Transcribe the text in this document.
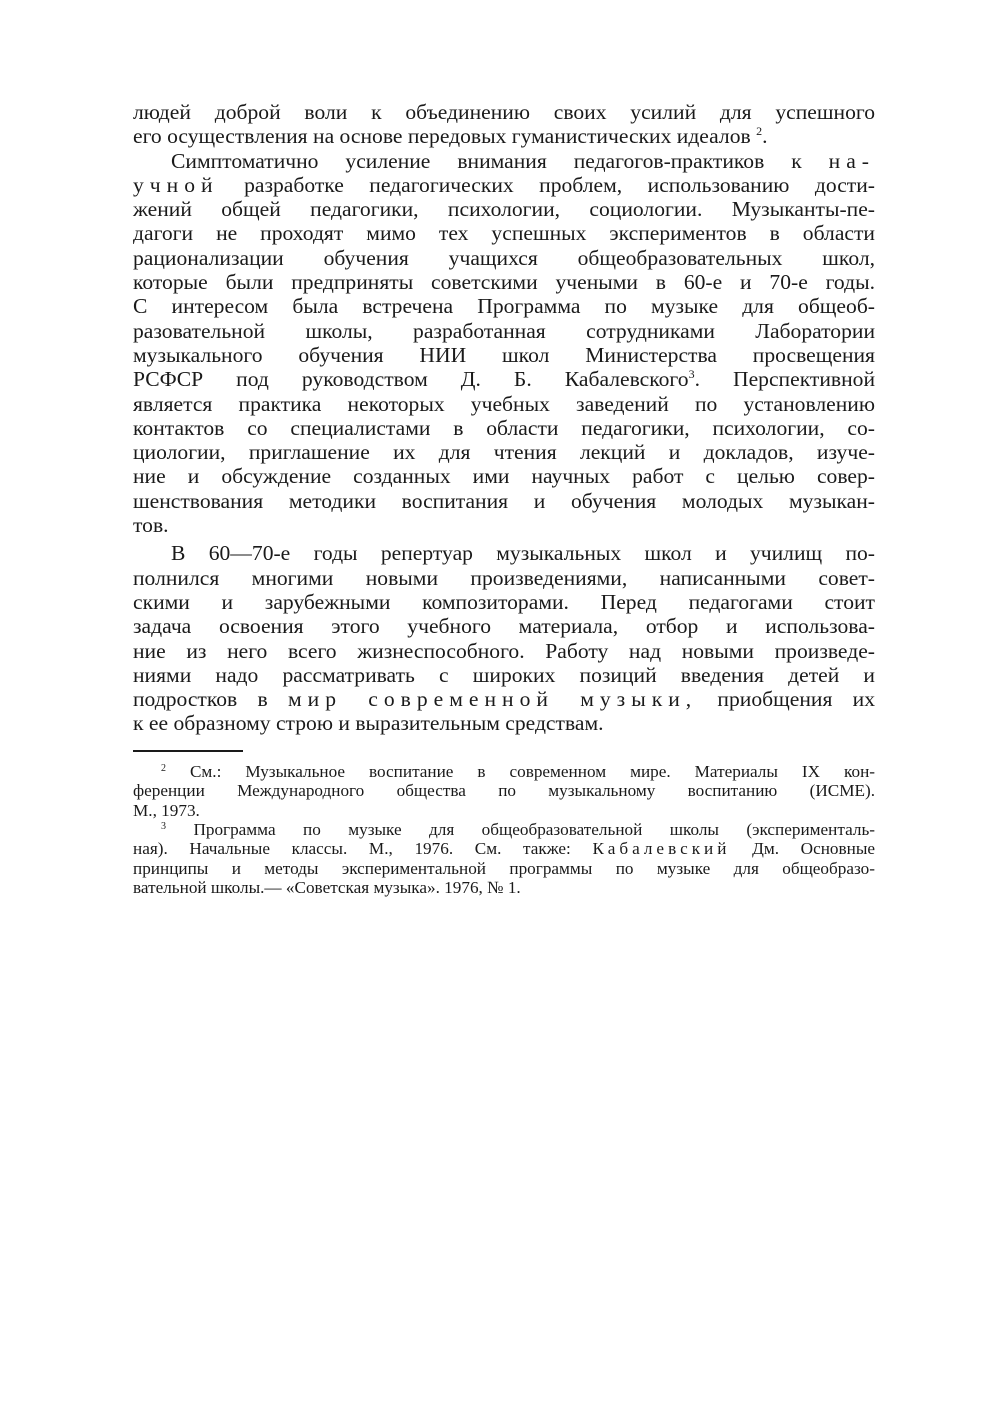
людей доброй воли к объединению своих усилий для успешного
его осуществления на основе передовых гуманистических идеалов $^2$.
Симптоматично усиление внимания педагогов-практиков к на-
учной разработке педагогических проблем, использованию дости-
жений общей педагогики, психологии, социологии. Музыканты-пе-
дагоги не проходят мимо тех успешных экспериментов в области
рационализации обучения учащихся общеобразовательных школ,
которые были предприняты советскими учеными в 60-е и 70-е годы.
С интересом была встречена Программа по музыке для общеоб-
разовательной школы, разработанная сотрудниками Лаборатории
музыкального обучения НИИ школ Министерства просвещения
РСФСР под руководством Д. Б. Кабалевского$^3$. Перспективной
является практика некоторых учебных заведений по установлению
контактов со специалистами в области педагогики, психологии, со-
циологии, приглашение их для чтения лекций и докладов, изуче-
ние и обсуждение созданных ими научных работ с целью совер-
шенствования методики воспитания и обучения молодых музыкан-
тов.
В 60—70-е годы репертуар музыкальных школ и училищ по-
полнился многими новыми произведениями, написанными совет-
скими и зарубежными композиторами. Перед педагогами стоит
задача освоения этого учебного материала, отбор и использова-
ние из него всего жизнеспособного. Работу над новыми произведе-
ниями надо рассматривать с широких позиций введения детей и
подростков в мир современной музыки, приобщения их
к ее образному строю и выразительным средствам.
$^2$ См.: Музыкальное воспитание в современном мире. Материалы IX кон-
ференции Международного общества по музыкальному воспитанию (ИСМЕ).
М., 1973.
$^3$ Программа по музыке для общеобразовательной школы (эксперименталь-
ная). Начальные классы. М., 1976. См. также: Кабалевский Дм. Основные
принципы и методы экспериментальной программы по музыке для общеобразо-
вательной школы.— «Советская музыка». 1976, № 1.
